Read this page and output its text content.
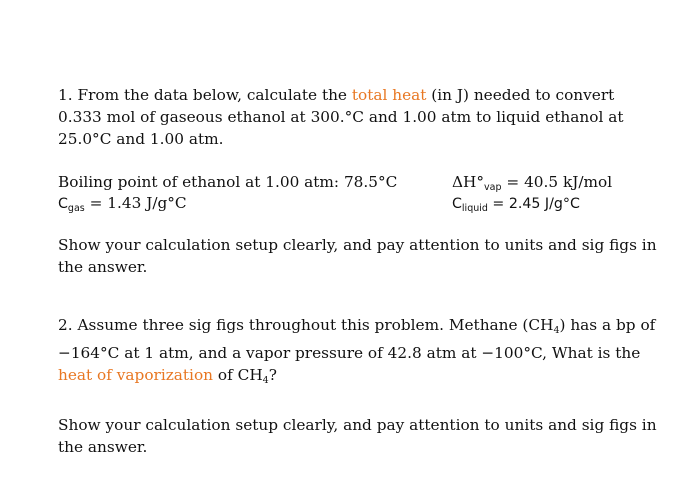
1. From the data below, calculate the total heat (in J) needed to convert 0.333 mol of gaseous ethanol at 300.°C and 1.00 atm to liquid ethanol at 25.0°C and 1.00 atm.

Boiling point of ethanol at 1.00 atm: 78.5°C
$C_{gas} = 1.43$ J/g°C
$\Delta H^\circ_{vap} = 40.5$ kJ/mol
$C_{liquid} = 2.45$ J/g°C

Show your calculation setup clearly, and pay attention to units and sig figs in the answer.

2. Assume three sig figs throughout this problem. Methane $(CH_4)$ has a bp of −164°C at 1 atm, and a vapor pressure of 42.8 atm at −100°C, What is the heat of vaporization of $CH_4$?

Show your calculation setup clearly, and pay attention to units and sig figs in the answer.
